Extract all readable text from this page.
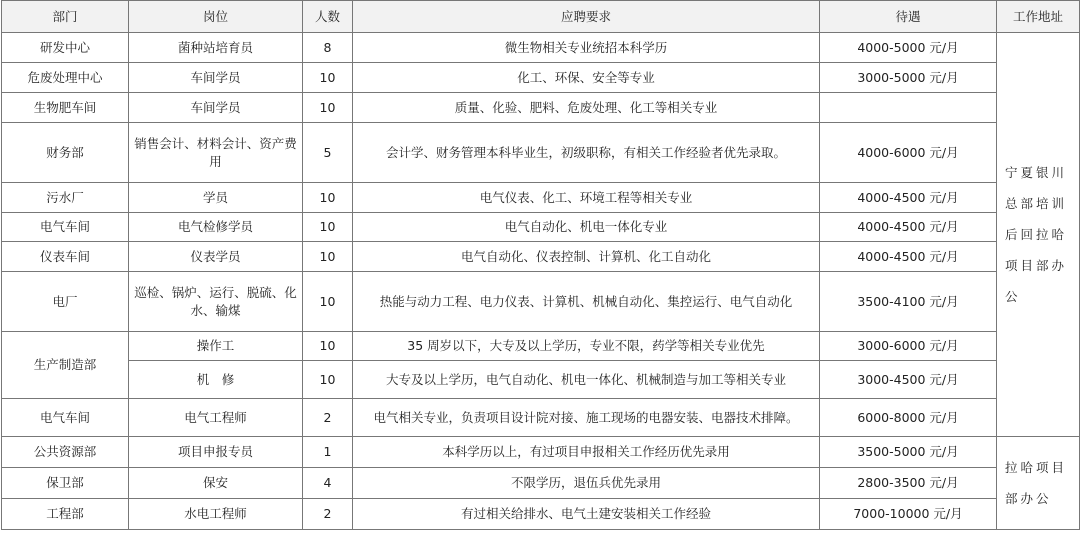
部门	岗位	人数	应聘要求	待遇	工作地址
研发中心	菌种站培育员	8	微生物相关专业统招本科学历	4000-5000 元/月	宁夏银川总部培训后回拉哈项目部办公
危废处理中心	车间学员	10	化工、环保、安全等专业	3000-5000 元/月	
生物肥车间	车间学员	10	质量、化验、肥料、危废处理、化工等相关专业		
财务部	销售会计、材料会计、资产费用	5	会计学、财务管理本科毕业生，初级职称，有相关工作经验者优先录取。	4000-6000 元/月	
污水厂	学员	10	电气仪表、化工、环境工程等相关专业	4000-4500 元/月	
电气车间	电气检修学员	10	电气自动化、机电一体化专业	4000-4500 元/月	
仪表车间	仪表学员	10	电气自动化、仪表控制、计算机、化工自动化	4000-4500 元/月	
电厂	巡检、锅炉、运行、脱硫、化水、输煤	10	热能与动力工程、电力仪表、计算机、机械自动化、集控运行、电气自动化	3500-4100 元/月	
生产制造部	操作工	10	35 周岁以下，大专及以上学历，专业不限，药学等相关专业优先	3000-6000 元/月	
	机　修	10	大专及以上学历，电气自动化、机电一体化、机械制造与加工等相关专业	3000-4500 元/月	
电气车间	电气工程师	2	电气相关专业，负责项目设计院对接、施工现场的电器安装、电器技术排障。	6000-8000 元/月	
公共资源部	项目申报专员	1	本科学历以上，有过项目申报相关工作经历优先录用	3500-5000 元/月	拉哈项目部办公
保卫部	保安	4	不限学历，退伍兵优先录用	2800-3500 元/月	
工程部	水电工程师	2	有过相关给排水、电气土建安装相关工作经验	7000-10000 元/月	
